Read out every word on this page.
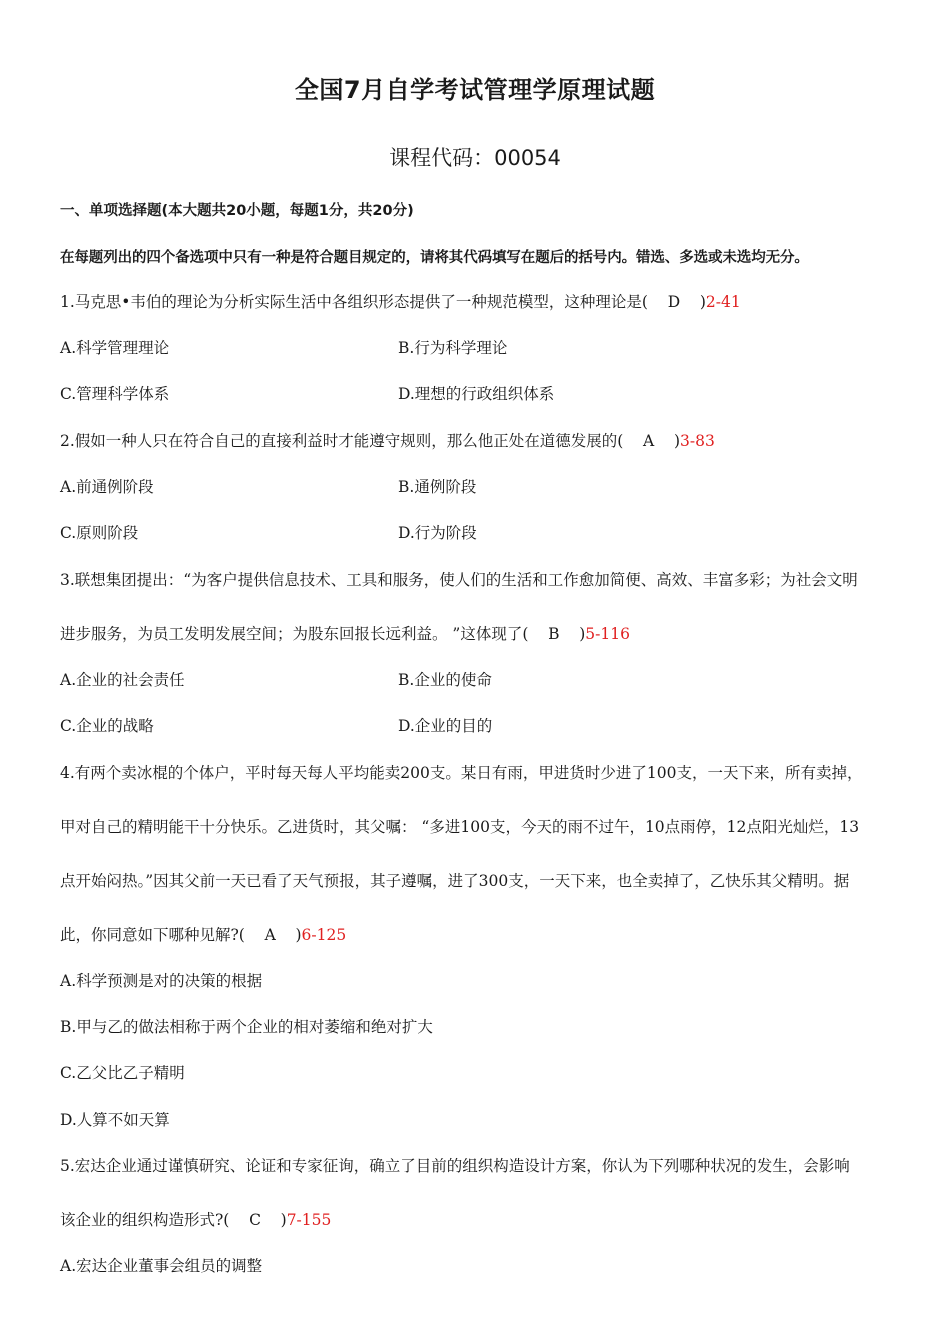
全国7月自学考试管理学原理试题
课程代码：00054
一、单项选择题(本大题共20小题，每题1分，共20分)
在每题列出的四个备选项中只有一种是符合题目规定的，请将其代码填写在题后的括号内。错选、多选或未选均无分。
1.马克思•韦伯的理论为分析实际生活中各组织形态提供了一种规范模型，这种理论是(    D    )2-41
A.科学管理理论	B.行为科学理论
C.管理科学体系	D.理想的行政组织体系
2.假如一种人只在符合自己的直接利益时才能遵守规则，那么他正处在道德发展的(    A    )3-83
A.前通例阶段	B.通例阶段
C.原则阶段	D.行为阶段
3.联想集团提出：“为客户提供信息技术、工具和服务，使人们的生活和工作愈加简便、高效、丰富多彩；为社会文明
进步服务，为员工发明发展空间；为股东回报长远利益。 ”这体现了(    B    )5-116
A.企业的社会责任	B.企业的使命
C.企业的战略	D.企业的目的
4.有两个卖冰棍的个体户，平时每天每人平均能卖200支。某日有雨，甲进货时少进了100支，一天下来，所有卖掉，
甲对自己的精明能干十分快乐。乙进货时，其父嘱： “多进100支，今天的雨不过午，10点雨停，12点阳光灿烂，13
点开始闷热。”因其父前一天已看了天气预报，其子遵嘱，进了300支，一天下来，也全卖掉了，乙快乐其父精明。据
此，你同意如下哪种见解?(    A    )6-125
A.科学预测是对的决策的根据
B.甲与乙的做法相称于两个企业的相对萎缩和绝对扩大
C.乙父比乙子精明
D.人算不如天算
5.宏达企业通过谨慎研究、论证和专家征询，确立了目前的组织构造设计方案，你认为下列哪种状况的发生，会影响
该企业的组织构造形式?(    C    )7-155
A.宏达企业董事会组员的调整
